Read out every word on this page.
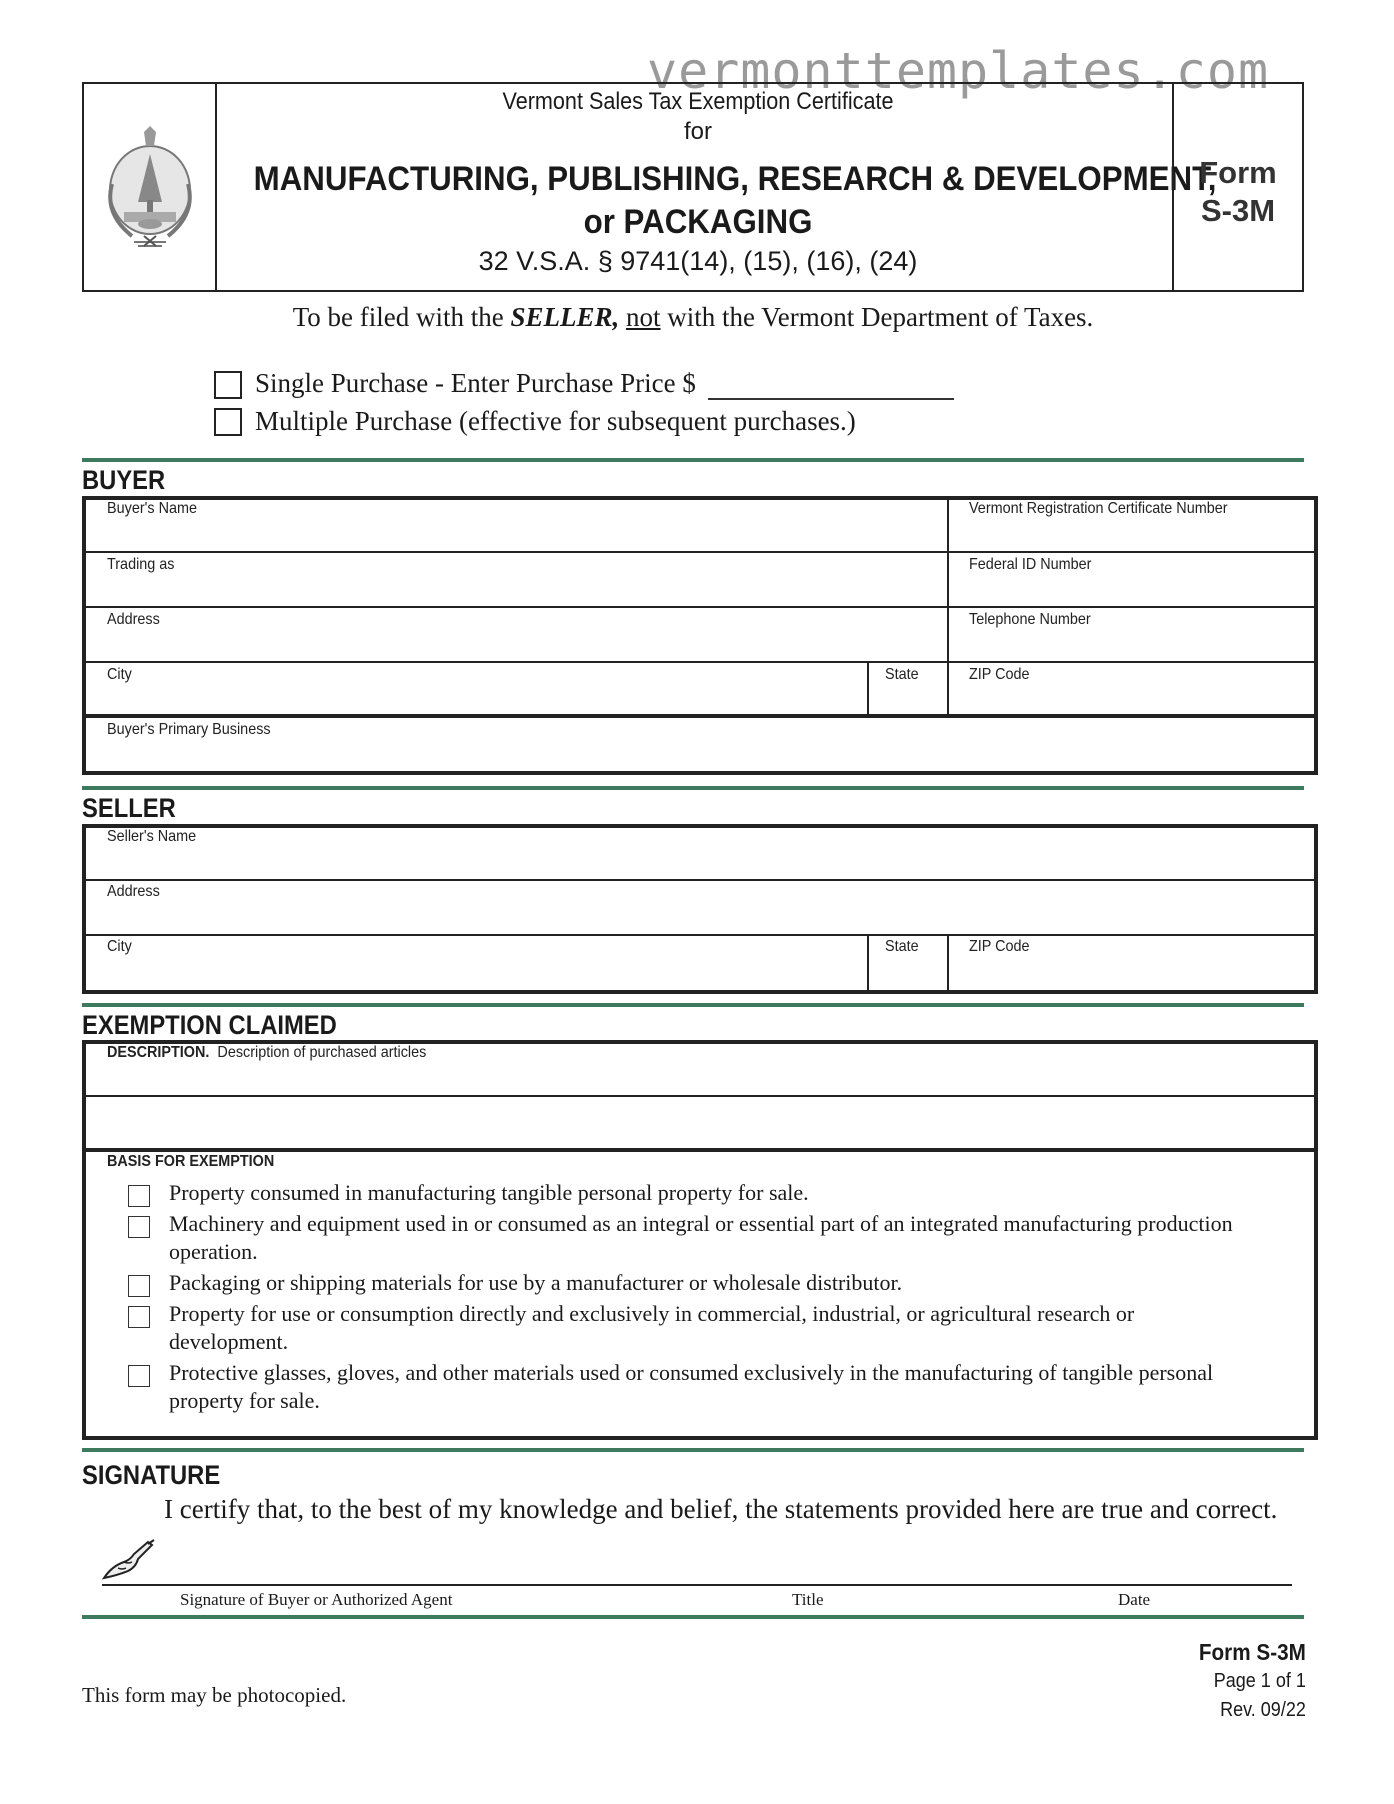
vermonttemplates.com
Vermont Sales Tax Exemption Certificate
for
MANUFACTURING, PUBLISHING, RESEARCH & DEVELOPMENT,
or PACKAGING
32 V.S.A. § 9741(14), (15), (16), (24)
Form
S-3M
To be filed with the SELLER, not with the Vermont Department of Taxes.
Single Purchase - Enter Purchase Price $
Multiple Purchase (effective for subsequent purchases.)
BUYER
Buyer's Name	Vermont Registration Certificate Number
Trading as	Federal ID Number
Address	Telephone Number
City	State	ZIP Code
Buyer's Primary Business
SELLER
Seller's Name
Address
City	State	ZIP Code
EXEMPTION CLAIMED
DESCRIPTION. Description of purchased articles
BASIS FOR EXEMPTION
Property consumed in manufacturing tangible personal property for sale.
Machinery and equipment used in or consumed as an integral or essential part of an integrated manufacturing production
operation.
Packaging or shipping materials for use by a manufacturer or wholesale distributor.
Property for use or consumption directly and exclusively in commercial, industrial, or agricultural research or
development.
Protective glasses, gloves, and other materials used or consumed exclusively in the manufacturing of tangible personal
property for sale.
SIGNATURE
I certify that, to the best of my knowledge and belief, the statements provided here are true and correct.
Signature of Buyer or Authorized Agent	Title	Date
This form may be photocopied.
Form S-3M
Page 1 of 1
Rev. 09/22
